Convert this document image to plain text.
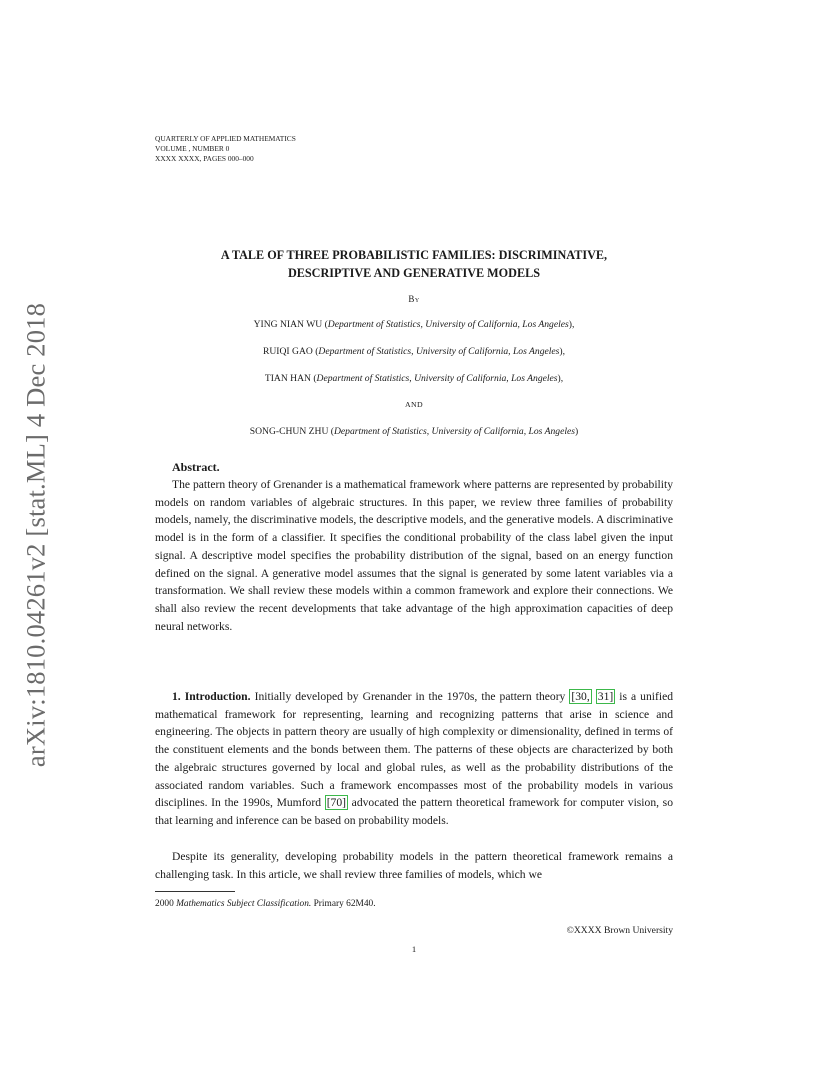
arXiv:1810.04261v2 [stat.ML] 4 Dec 2018
QUARTERLY OF APPLIED MATHEMATICS
VOLUME , NUMBER 0
XXXX XXXX, PAGES 000–000
A TALE OF THREE PROBABILISTIC FAMILIES: DISCRIMINATIVE,
DESCRIPTIVE AND GENERATIVE MODELS
By
YING NIAN WU (Department of Statistics, University of California, Los Angeles),
RUIQI GAO (Department of Statistics, University of California, Los Angeles),
TIAN HAN (Department of Statistics, University of California, Los Angeles),
AND
SONG-CHUN ZHU (Department of Statistics, University of California, Los Angeles)
Abstract.
The pattern theory of Grenander is a mathematical framework where patterns are represented by probability models on random variables of algebraic structures. In this paper, we review three families of probability models, namely, the discriminative models, the descriptive models, and the generative models. A discriminative model is in the form of a classifier. It specifies the conditional probability of the class label given the input signal. A descriptive model specifies the probability distribution of the signal, based on an energy function defined on the signal. A generative model assumes that the signal is generated by some latent variables via a transformation. We shall review these models within a common framework and explore their connections. We shall also review the recent developments that take advantage of the high approximation capacities of deep neural networks.
1. Introduction. Initially developed by Grenander in the 1970s, the pattern theory [30, 31] is a unified mathematical framework for representing, learning and recognizing patterns that arise in science and engineering. The objects in pattern theory are usually of high complexity or dimensionality, defined in terms of the constituent elements and the bonds between them. The patterns of these objects are characterized by both the algebraic structures governed by local and global rules, as well as the probability distributions of the associated random variables. Such a framework encompasses most of the probability models in various disciplines. In the 1990s, Mumford [70] advocated the pattern theoretical framework for computer vision, so that learning and inference can be based on probability models.
Despite its generality, developing probability models in the pattern theoretical framework remains a challenging task. In this article, we shall review three families of models, which we
2000 Mathematics Subject Classification. Primary 62M40.
©XXXX Brown University
1
